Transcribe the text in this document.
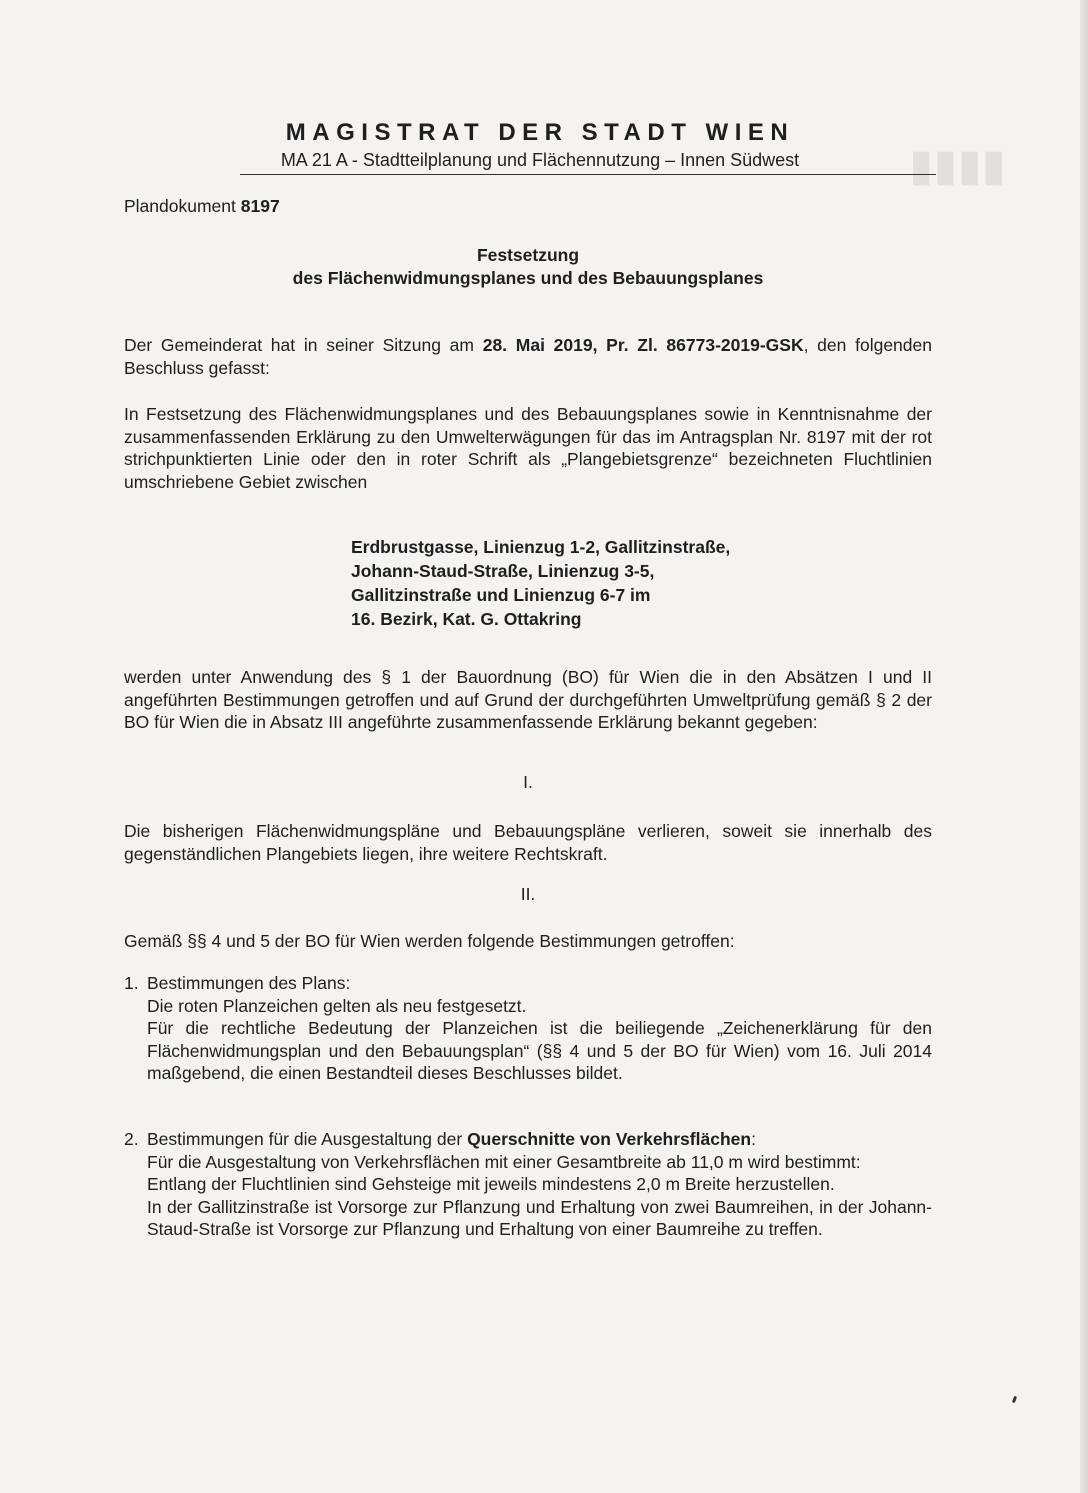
▮▮▮▮

MAGISTRAT DER STADT WIEN

MA 21 A - Stadtteilplanung und Flächennutzung – Innen Südwest

Plandokument 8197
Festsetzung
des Flächenwidmungsplanes und des Bebauungsplanes

Der Gemeinderat hat in seiner Sitzung am 28. Mai 2019, Pr. Zl. 86773-2019-GSK, den folgenden Beschluss gefasst:

In Festsetzung des Flächenwidmungsplanes und des Bebauungsplanes sowie in Kenntnisnahme der zusammenfassenden Erklärung zu den Umwelterwägungen für das im Antragsplan Nr. 8197 mit der rot strichpunktierten Linie oder den in roter Schrift als „Plangebietsgrenze“ bezeichneten Fluchtlinien umschriebene Gebiet zwischen

Erdbrustgasse, Linienzug 1-2, Gallitzinstraße,
Johann-Staud-Straße, Linienzug 3-5,
Gallitzinstraße und Linienzug 6-7 im
16. Bezirk, Kat. G. Ottakring

werden unter Anwendung des § 1 der Bauordnung (BO) für Wien die in den Absätzen I und II angeführten Bestimmungen getroffen und auf Grund der durchgeführten Umweltprüfung gemäß § 2 der BO für Wien die in Absatz III angeführte zusammenfassende Erklärung bekannt gegeben:

I.

Die bisherigen Flächenwidmungspläne und Bebauungspläne verlieren, soweit sie innerhalb des gegenständlichen Plangebiets liegen, ihre weitere Rechtskraft.

II.

Gemäß §§ 4 und 5 der BO für Wien werden folgende Bestimmungen getroffen:

1. Bestimmungen des Plans:
Die roten Planzeichen gelten als neu festgesetzt.
Für die rechtliche Bedeutung der Planzeichen ist die beiliegende „Zeichenerklärung für den Flächenwidmungsplan und den Bebauungsplan“ (§§ 4 und 5 der BO für Wien) vom 16. Juli 2014 maßgebend, die einen Bestandteil dieses Beschlusses bildet.
2. Bestimmungen für die Ausgestaltung der Querschnitte von Verkehrsflächen:
Für die Ausgestaltung von Verkehrsflächen mit einer Gesamtbreite ab 11,0 m wird bestimmt:
Entlang der Fluchtlinien sind Gehsteige mit jeweils mindestens 2,0 m Breite herzustellen.
In der Gallitzinstraße ist Vorsorge zur Pflanzung und Erhaltung von zwei Baumreihen, in der Johann-Staud-Straße ist Vorsorge zur Pflanzung und Erhaltung von einer Baumreihe zu treffen.
